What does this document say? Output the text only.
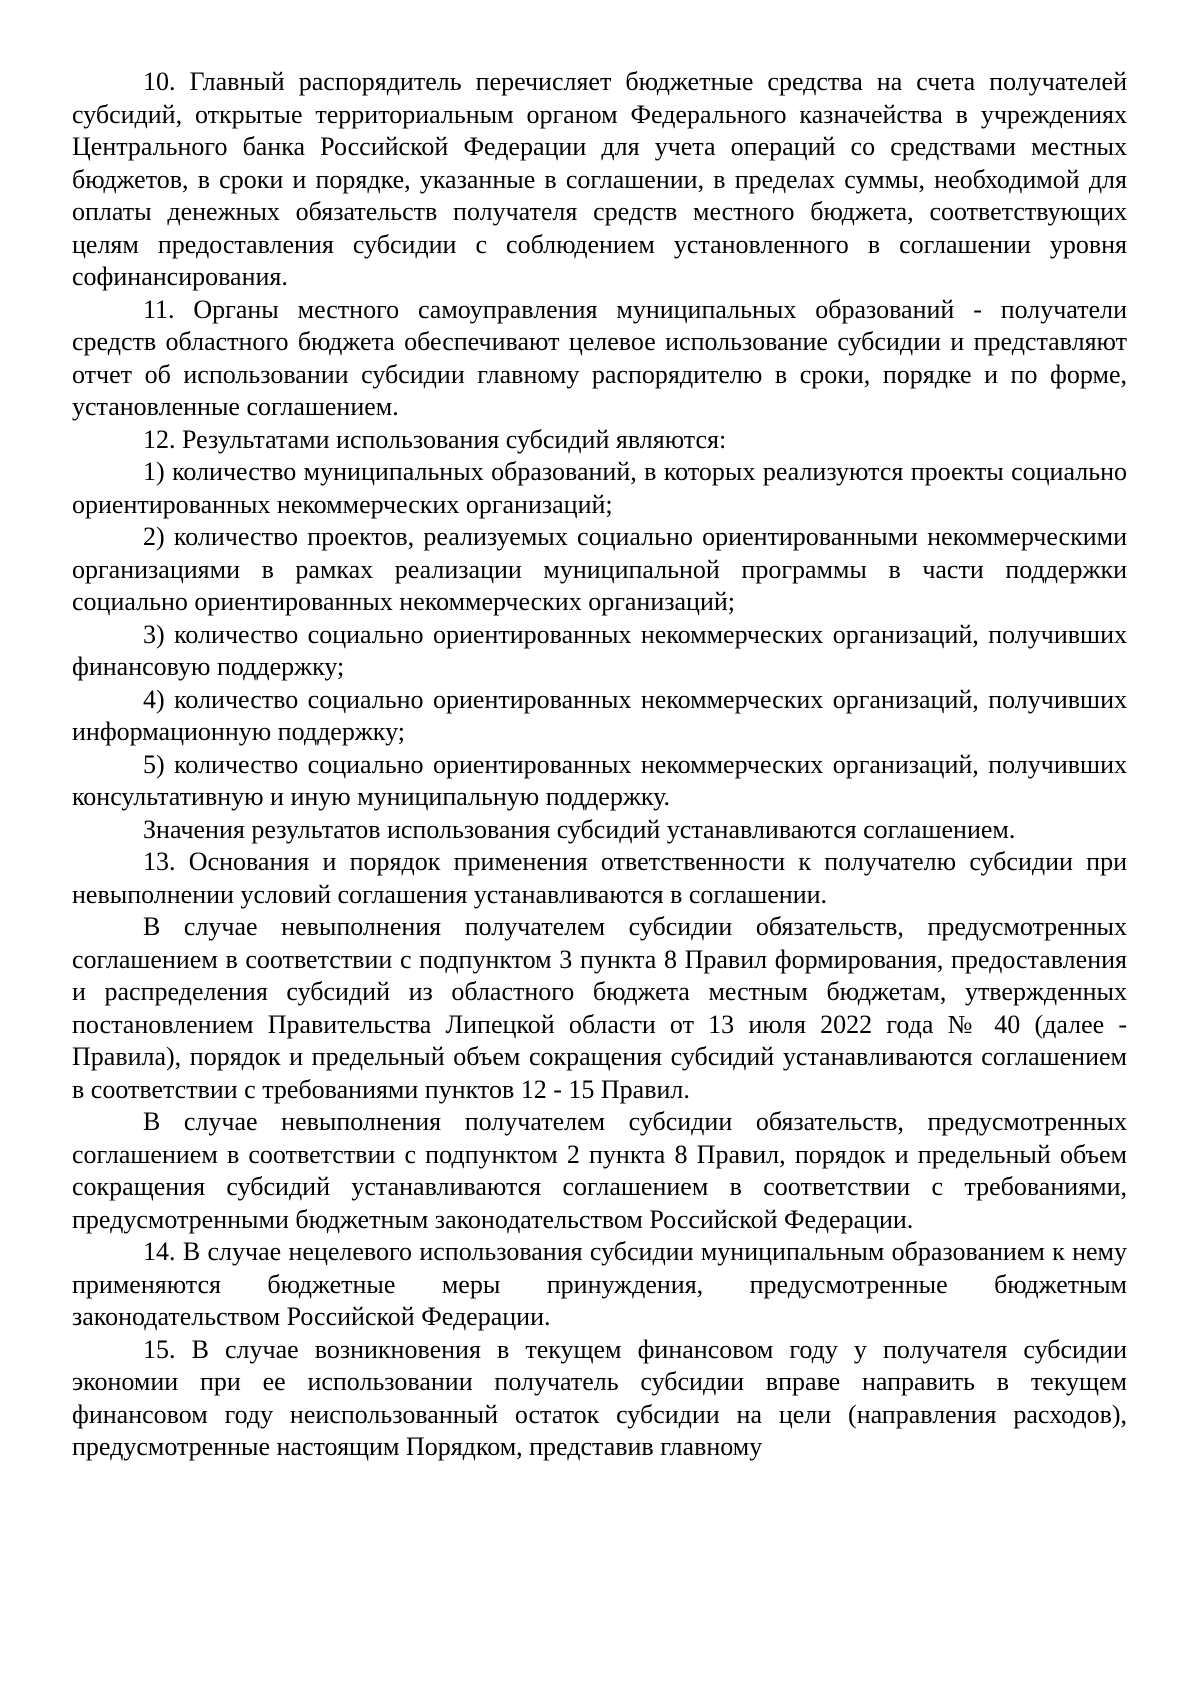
10. Главный распорядитель перечисляет бюджетные средства на счета получателей субсидий, открытые территориальным органом Федерального казначейства в учреждениях Центрального банка Российской Федерации для учета операций со средствами местных бюджетов, в сроки и порядке, указанные в соглашении, в пределах суммы, необходимой для оплаты денежных обязательств получателя средств местного бюджета, соответствующих целям предоставления субсидии с соблюдением установленного в соглашении уровня софинансирования.

11. Органы местного самоуправления муниципальных образований - получатели средств областного бюджета обеспечивают целевое использование субсидии и представляют отчет об использовании субсидии главному распорядителю в сроки, порядке и по форме, установленные соглашением.

12. Результатами использования субсидий являются:

1) количество муниципальных образований, в которых реализуются проекты социально ориентированных некоммерческих организаций;

2) количество проектов, реализуемых социально ориентированными некоммерческими организациями в рамках реализации муниципальной программы в части поддержки социально ориентированных некоммерческих организаций;

3) количество социально ориентированных некоммерческих организаций, получивших финансовую поддержку;

4) количество социально ориентированных некоммерческих организаций, получивших информационную поддержку;

5) количество социально ориентированных некоммерческих организаций, получивших консультативную и иную муниципальную поддержку.

Значения результатов использования субсидий устанавливаются соглашением.

13. Основания и порядок применения ответственности к получателю субсидии при невыполнении условий соглашения устанавливаются в соглашении.

В случае невыполнения получателем субсидии обязательств, предусмотренных соглашением в соответствии с подпунктом 3 пункта 8 Правил формирования, предоставления и распределения субсидий из областного бюджета местным бюджетам, утвержденных постановлением Правительства Липецкой области от 13 июля 2022 года № 40 (далее - Правила), порядок и предельный объем сокращения субсидий устанавливаются соглашением в соответствии с требованиями пунктов 12 - 15 Правил.

В случае невыполнения получателем субсидии обязательств, предусмотренных соглашением в соответствии с подпунктом 2 пункта 8 Правил, порядок и предельный объем сокращения субсидий устанавливаются соглашением в соответствии с требованиями, предусмотренными бюджетным законодательством Российской Федерации.

14. В случае нецелевого использования субсидии муниципальным образованием к нему применяются бюджетные меры принуждения, предусмотренные бюджетным законодательством Российской Федерации.

15. В случае возникновения в текущем финансовом году у получателя субсидии экономии при ее использовании получатель субсидии вправе направить в текущем финансовом году неиспользованный остаток субсидии на цели (направления расходов), предусмотренные настоящим Порядком, представив главному
